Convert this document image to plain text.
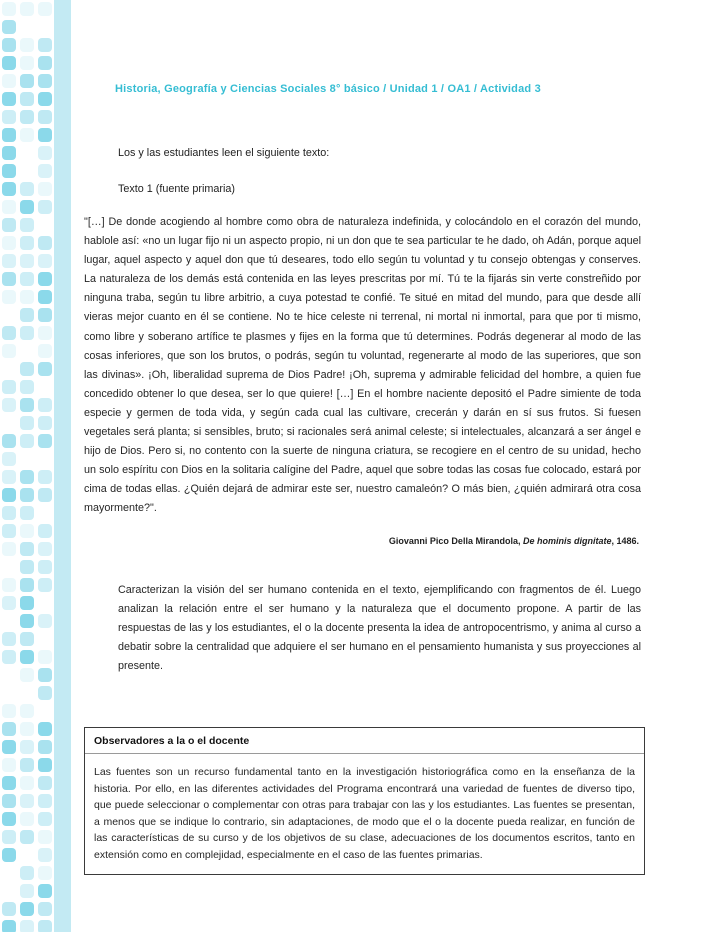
Historia, Geografía y Ciencias Sociales 8° básico / Unidad 1 / OA1 / Actividad 3
Los y las estudiantes leen el siguiente texto:
Texto 1 (fuente primaria)
"[…] De donde acogiendo al hombre como obra de naturaleza indefinida, y colocándolo en el corazón del mundo, hablole así: «no un lugar fijo ni un aspecto propio, ni un don que te sea particular te he dado, oh Adán, porque aquel lugar, aquel aspecto y aquel don que tú deseares, todo ello según tu voluntad y tu consejo obtengas y conserves. La naturaleza de los demás está contenida en las leyes prescritas por mí. Tú te la fijarás sin verte constreñido por ninguna traba, según tu libre arbitrio, a cuya potestad te confié. Te situé en mitad del mundo, para que desde allí vieras mejor cuanto en él se contiene. No te hice celeste ni terrenal, ni mortal ni inmortal, para que por ti mismo, como libre y soberano artífice te plasmes y fijes en la forma que tú determines. Podrás degenerar al modo de las cosas inferiores, que son los brutos, o podrás, según tu voluntad, regenerarte al modo de las superiores, que son las divinas». ¡Oh, liberalidad suprema de Dios Padre! ¡Oh, suprema y admirable felicidad del hombre, a quien fue concedido obtener lo que desea, ser lo que quiere! […] En el hombre naciente depositó el Padre simiente de toda especie y germen de toda vida, y según cada cual las cultivare, crecerán y darán en sí sus frutos. Si fuesen vegetales será planta; si sensibles, bruto; si racionales será animal celeste; si intelectuales, alcanzará a ser ángel e hijo de Dios. Pero si, no contento con la suerte de ninguna criatura, se recogiere en el centro de su unidad, hecho un solo espíritu con Dios en la solitaria calígine del Padre, aquel que sobre todas las cosas fue colocado, estará por cima de todas ellas. ¿Quién dejará de admirar este ser, nuestro camaleón? O más bien, ¿quién admirará otra cosa mayormente?".
Giovanni Pico Della Mirandola, De hominis dignitate, 1486.
Caracterizan la visión del ser humano contenida en el texto, ejemplificando con fragmentos de él. Luego analizan la relación entre el ser humano y la naturaleza que el documento propone. A partir de las respuestas de las y los estudiantes, el o la docente presenta la idea de antropocentrismo, y anima al curso a debatir sobre la centralidad que adquiere el ser humano en el pensamiento humanista y sus proyecciones al presente.
Observadores a la o el docente
Las fuentes son un recurso fundamental tanto en la investigación historiográfica como en la enseñanza de la historia. Por ello, en las diferentes actividades del Programa encontrará una variedad de fuentes de diverso tipo, que puede seleccionar o complementar con otras para trabajar con las y los estudiantes. Las fuentes se presentan, a menos que se indique lo contrario, sin adaptaciones, de modo que el o la docente pueda realizar, en función de las características de su curso y de los objetivos de su clase, adecuaciones de los documentos escritos, tanto en extensión como en complejidad, especialmente en el caso de las fuentes primarias.
